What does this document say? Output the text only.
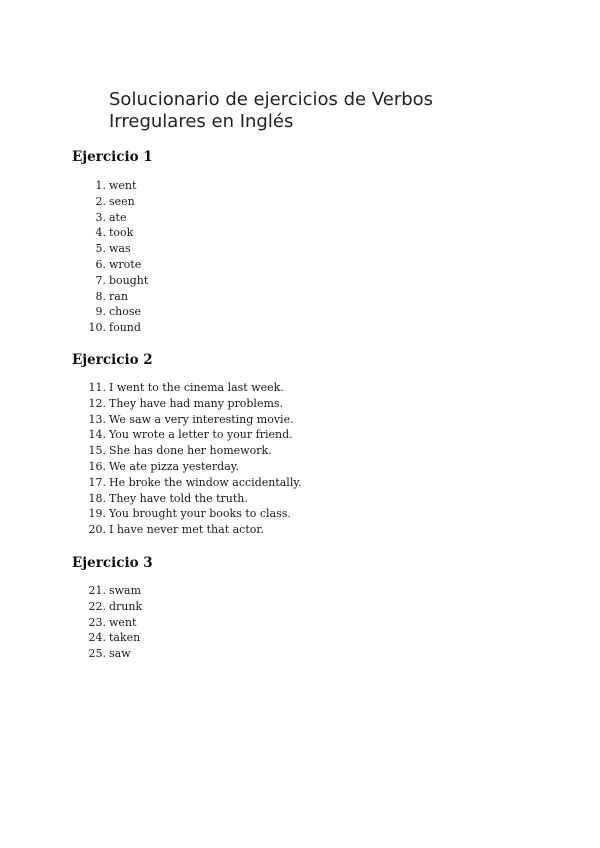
Solucionario de ejercicios de Verbos
Irregulares en Inglés
Ejercicio 1
1. went
2. seen
3. ate
4. took
5. was
6. wrote
7. bought
8. ran
9. chose
10. found
Ejercicio 2
11. I went to the cinema last week.
12. They have had many problems.
13. We saw a very interesting movie.
14. You wrote a letter to your friend.
15. She has done her homework.
16. We ate pizza yesterday.
17. He broke the window accidentally.
18. They have told the truth.
19. You brought your books to class.
20. I have never met that actor.
Ejercicio 3
21. swam
22. drunk
23. went
24. taken
25. saw
